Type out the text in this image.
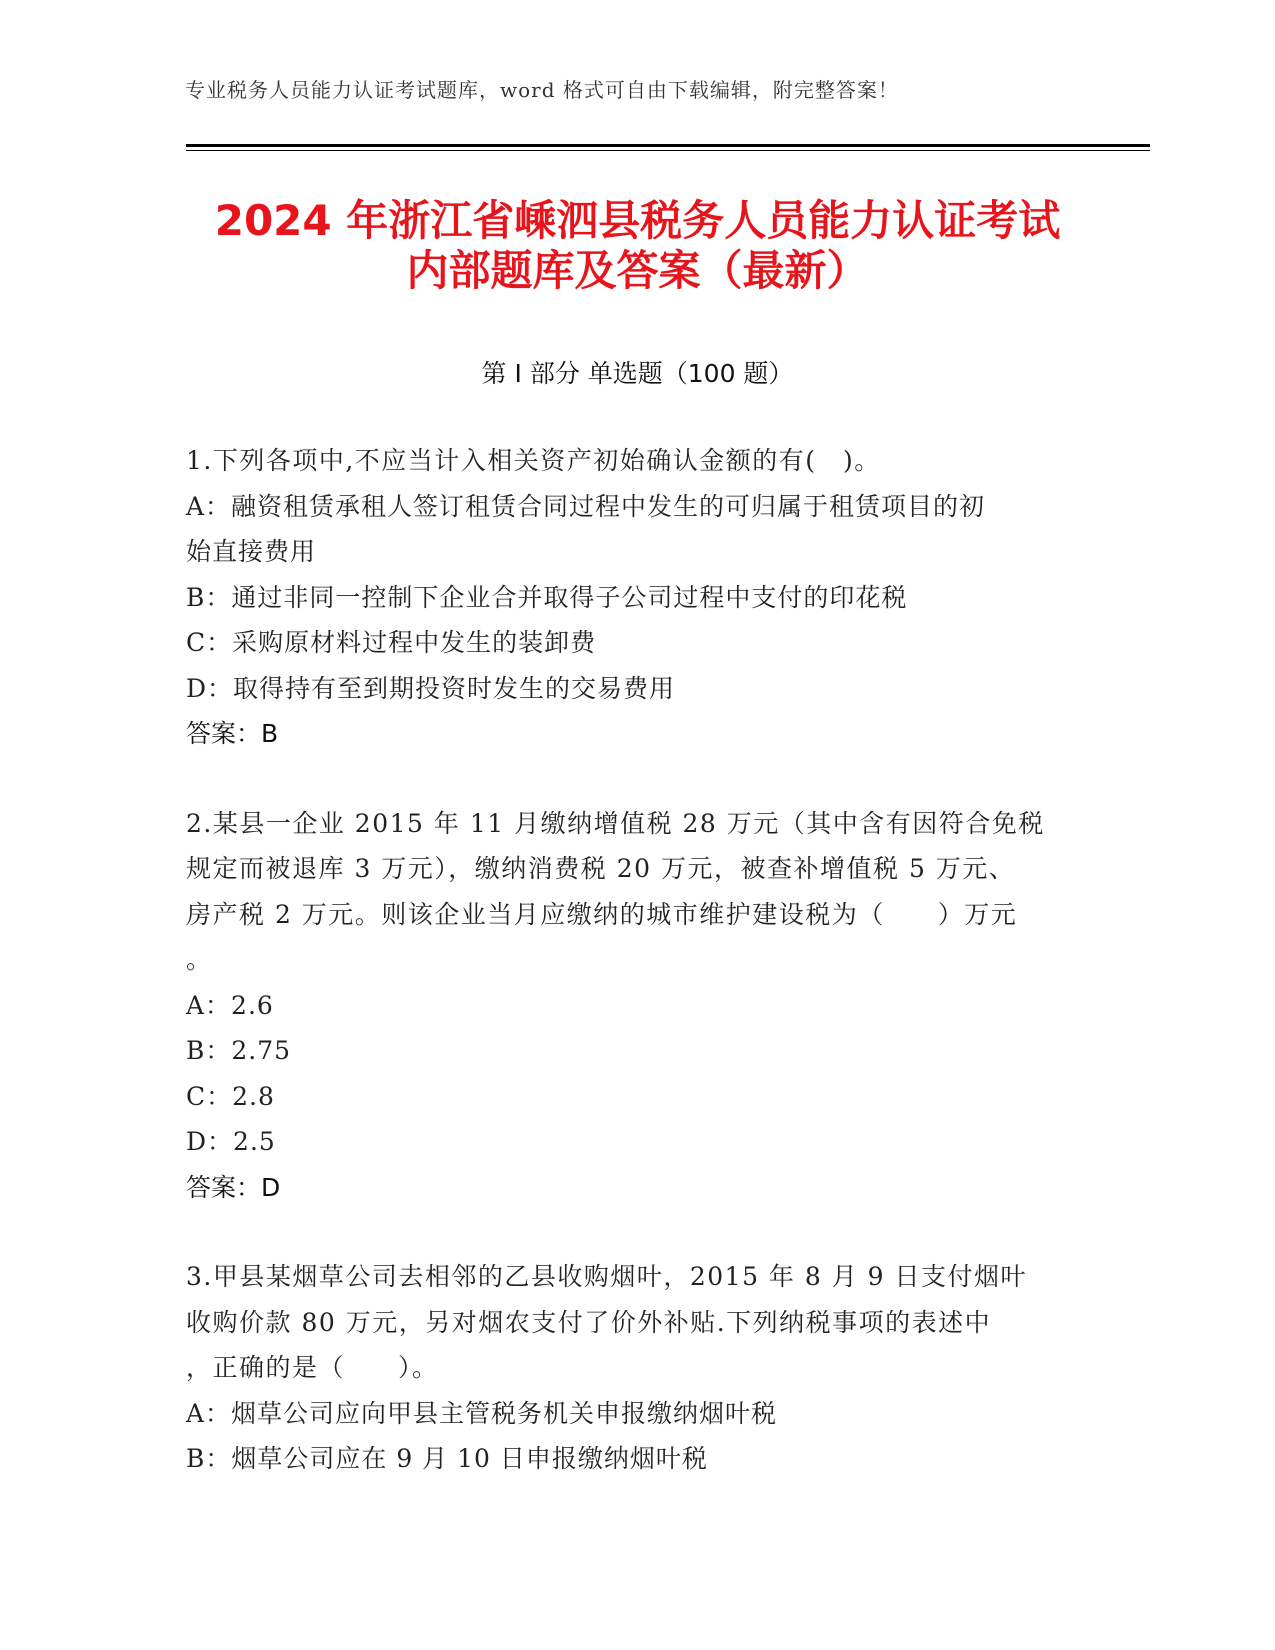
专业税务人员能力认证考试题库，word 格式可自由下载编辑，附完整答案！
2024 年浙江省嵊泗县税务人员能力认证考试
内部题库及答案（最新）
第 I 部分 单选题（100 题）
1.下列各项中,不应当计入相关资产初始确认金额的有(　)。
A：融资租赁承租人签订租赁合同过程中发生的可归属于租赁项目的初
始直接费用
B：通过非同一控制下企业合并取得子公司过程中支付的印花税
C：采购原材料过程中发生的装卸费
D：取得持有至到期投资时发生的交易费用
答案：B
2.某县一企业 2015 年 11 月缴纳增值税 28 万元（其中含有因符合免税
规定而被退库 3 万元），缴纳消费税 20 万元，被查补增值税 5 万元、
房产税 2 万元。则该企业当月应缴纳的城市维护建设税为（　　）万元
。
A：2.6
B：2.75
C：2.8
D：2.5
答案：D
3.甲县某烟草公司去相邻的乙县收购烟叶，2015 年 8 月 9 日支付烟叶
收购价款 80 万元，另对烟农支付了价外补贴.下列纳税事项的表述中
，正确的是（　　）。
A：烟草公司应向甲县主管税务机关申报缴纳烟叶税
B：烟草公司应在 9 月 10 日申报缴纳烟叶税
